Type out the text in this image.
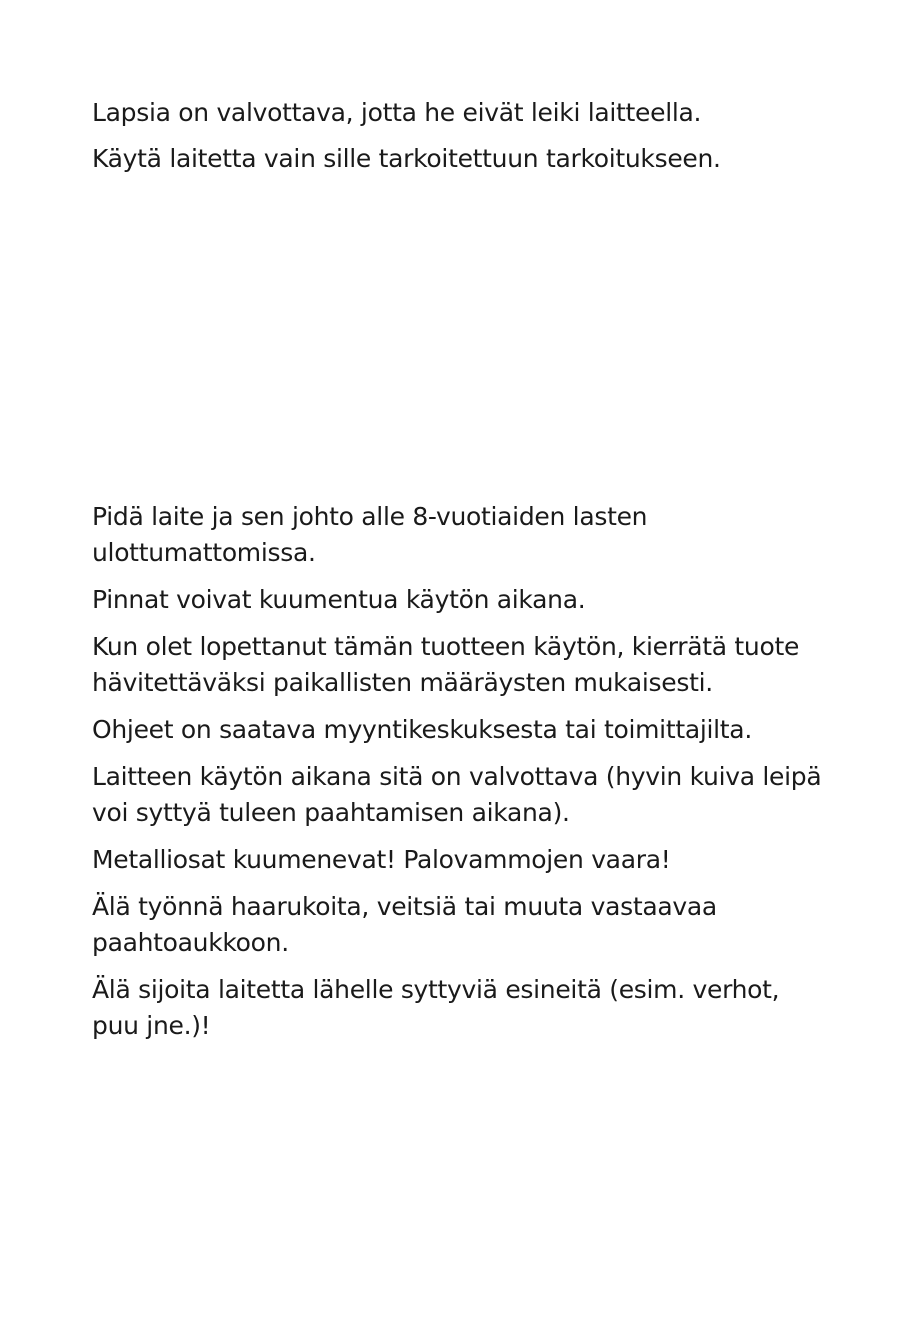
Lapsia on valvottava, jotta he eivät leiki laitteella.

Käytä laitetta vain sille tarkoitettuun tarkoitukseen.

Pidä laite ja sen johto alle 8-vuotiaiden lasten
ulottumattomissa.

Pinnat voivat kuumentua käytön aikana.

Kun olet lopettanut tämän tuotteen käytön, kierrätä tuote
hävitettäväksi paikallisten määräysten mukaisesti.

Ohjeet on saatava myyntikeskuksesta tai toimittajilta.

Laitteen käytön aikana sitä on valvottava (hyvin kuiva leipä
voi syttyä tuleen paahtamisen aikana).

Metalliosat kuumenevat! Palovammojen vaara!

Älä työnnä haarukoita, veitsiä tai muuta vastaavaa
paahtoaukkoon.

Älä sijoita laitetta lähelle syttyviä esineitä (esim. verhot,
puu jne.)!
